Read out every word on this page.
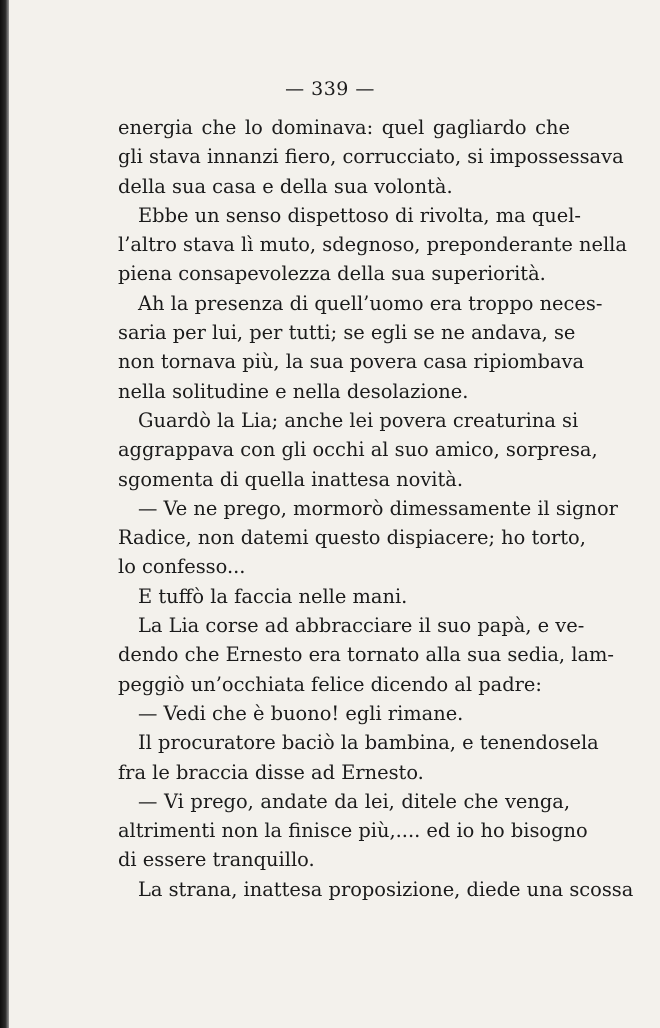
— 339 —
energia che lo dominava: quel gagliardo che
gli stava innanzi fiero, corrucciato, si impossessava
della sua casa e della sua volontà.
Ebbe un senso dispettoso di rivolta, ma quel-
l’altro stava lì muto, sdegnoso, preponderante nella
piena consapevolezza della sua superiorità.
Ah la presenza di quell’uomo era troppo neces-
saria per lui, per tutti; se egli se ne andava, se
non tornava più, la sua povera casa ripiombava
nella solitudine e nella desolazione.
Guardò la Lia; anche lei povera creaturina si
aggrappava con gli occhi al suo amico, sorpresa,
sgomenta di quella inattesa novità.
— Ve ne prego, mormorò dimessamente il signor
Radice, non datemi questo dispiacere; ho torto,
lo confesso...
E tuffò la faccia nelle mani.
La Lia corse ad abbracciare il suo papà, e ve-
dendo che Ernesto era tornato alla sua sedia, lam-
peggiò un’occhiata felice dicendo al padre:
— Vedi che è buono! egli rimane.
Il procuratore baciò la bambina, e tenendosela
fra le braccia disse ad Ernesto.
— Vi prego, andate da lei, ditele che venga,
altrimenti non la finisce più,.... ed io ho bisogno
di essere tranquillo.
La strana, inattesa proposizione, diede una scossa
